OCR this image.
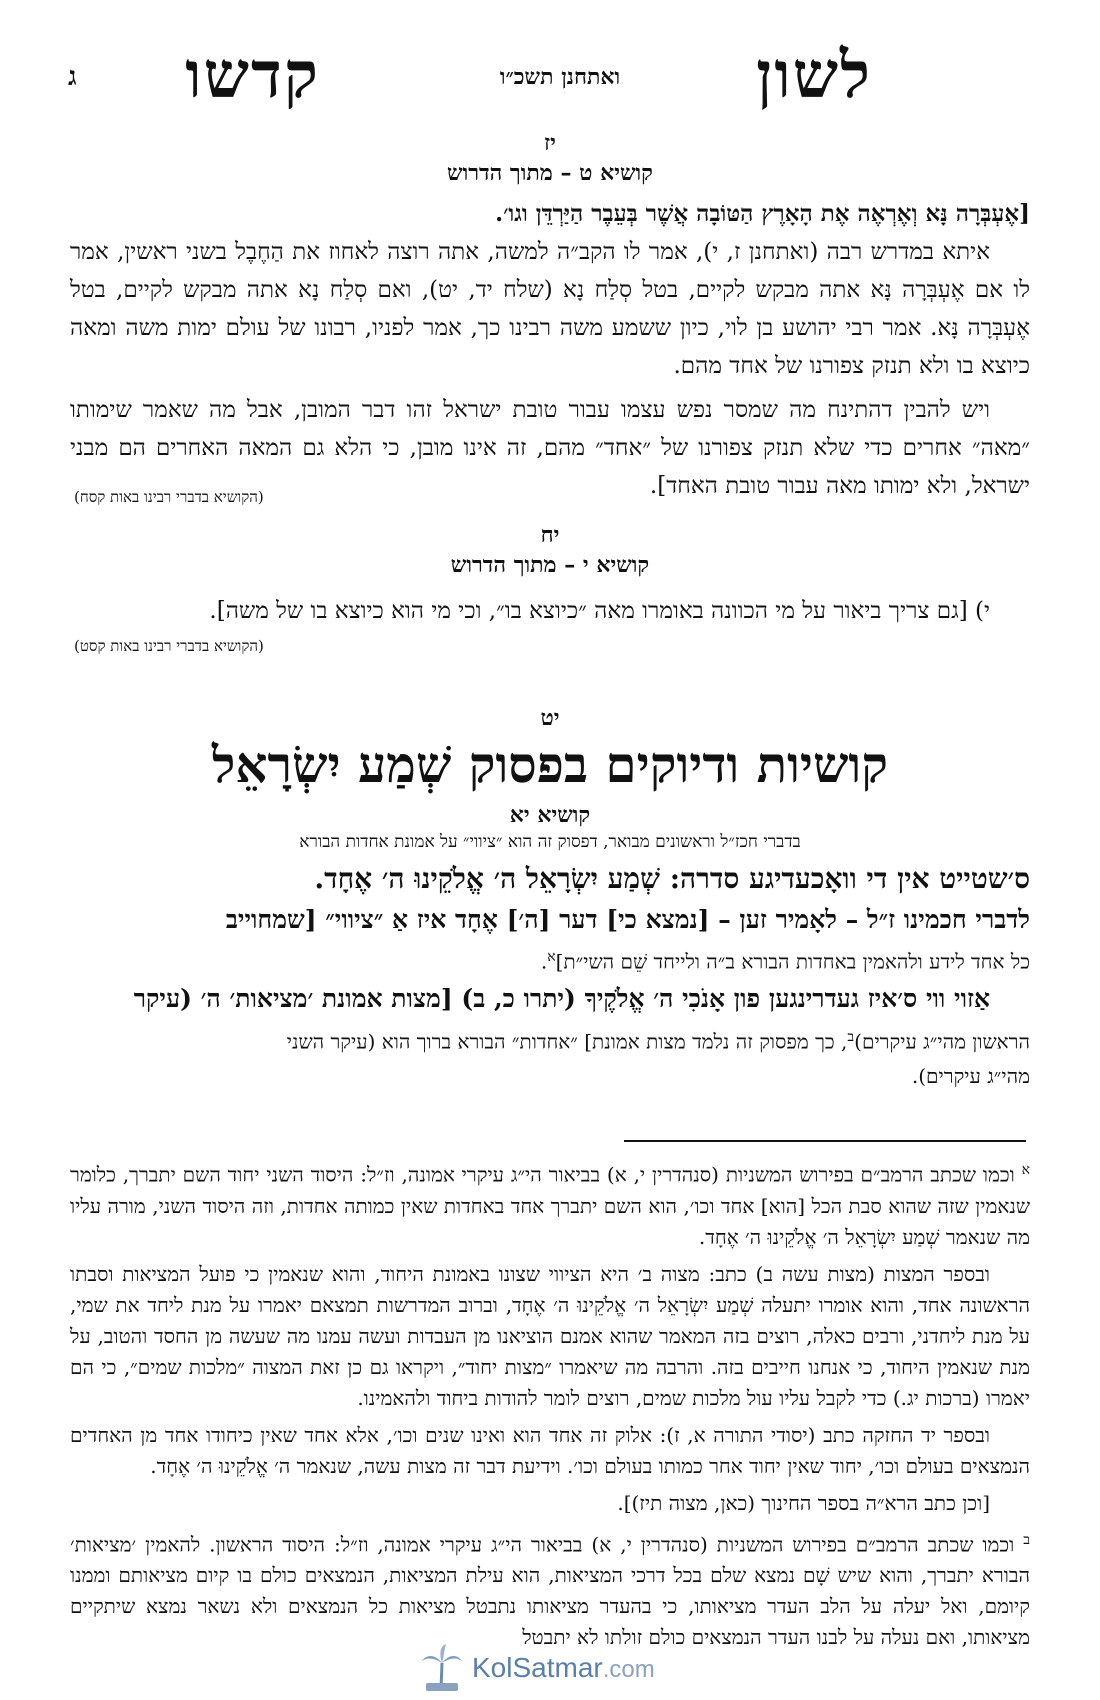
לשון
קדשו	ואתחנן תשכ״ו
ג
יז
קושיא ט – מתוך הדרוש

[אֶעְבְּרָה נָּא וְאֶרְאֶה אֶת הָאָרֶץ הַטּוֹבָה אֲשֶׁר בְּעֵבֶר הַיַּרְדֵּן וגו׳.

איתא במדרש רבה (ואתחנן ז, י), אמר לו הקב״ה למשה, אתה רוצה לאחוז את הַחֶבֶל בשני ראשין, אמר לו אם אֶעְבְּרָה נָּא אתה מבקש לקיים, בטל סְלַח נָא (שלח יד, יט), ואם סְלַח נָא אתה מבקש לקיים, בטל אֶעְבְּרָה נָּא. אמר רבי יהושע בן לוי, כיון ששמע משה רבינו כך, אמר לפניו, רבונו של עולם ימות משה ומאה כיוצא בו ולא תנזק צפורנו של אחד מהם.

ויש להבין דהתינח מה שמסר נפש עצמו עבור טובת ישראל זהו דבר המובן, אבל מה שאמר שימותו ״מאה״ אחרים כדי שלא תנזק צפורנו של ״אחד״ מהם, זה אינו מובן, כי הלא גם המאה האחרים הם מבני ישראל, ולא ימותו מאה עבור טובת האחד].

(הקושיא בדברי רבינו באות קסח)
יח
קושיא י – מתוך הדרוש

י) [גם צריך ביאור על מי הכוונה באומרו מאה ״כיוצא בו״, וכי מי הוא כיוצא בו של משה].

(הקושיא בדברי רבינו באות קסט)
יט
קושיות ודיוקים בפסוק שְׁמַע יִשְׂרָאֵל
קושיא יא
בדברי חכז״ל וראשונים מבואר, דפסוק זה הוא ״ציווי״ על אמונת אחדות הבורא

ס׳שטייט אין די וואָכעדיגע סדרה: שְׁמַע יִשְׂרָאֵל ה׳ אֱלֹקֵינוּ ה׳ אֶחָד.

לדברי חכמינו ז״ל – לאָמיר זען – [נמצא כי] דער [ה׳] אֶחָד איז אַ ״ציווי״ [שמחוייב

כל אחד לידע ולהאמין באחדות הבורא ב״ה ולייחד שֵׁם השי״ת]$^א$.

אַזוי ווי ס׳איז געדרינגען פון אָנֹכִי ה׳ אֱלֹקֶיךָ (יתרו כ, ב) [מצות אמונת ׳מציאות׳ ה׳ (עיקר

הראשון מהי״ג עיקרים)$^ב$, כך מפסוק זה נלמד מצות אמונת] ״אחדות״ הבורא ברוך הוא (עיקר השני

מהי״ג עיקרים).

$^א$ וכמו שכתב הרמב״ם בפירוש המשניות (סנהדרין י, א) בביאור הי״ג עיקרי אמונה, וז״ל: היסוד השני יחוד השם יתברך, כלומר שנאמין שזה שהוא סבת הכל [הוא] אחד וכו׳, הוא השם יתברך אחד באחדות שאין כמותה אחדות, וזה היסוד השני, מורה עליו מה שנאמר שְׁמַע יִשְׂרָאֵל ה׳ אֱלֹקֵינוּ ה׳ אֶחָד.

ובספר המצות (מצות עשה ב) כתב: מצוה ב׳ היא הציווי שצונו באמונת היחוד, והוא שנאמין כי פועל המציאות וסבתו הראשונה אחד, והוא אומרו יתעלה שְׁמַע יִשְׂרָאֵל ה׳ אֱלֹקֵינוּ ה׳ אֶחָד, וברוב המדרשות תמצאם יאמרו על מנת ליחד את שמי, על מנת ליחדני, ורבים כאלה, רוצים בזה המאמר שהוא אמנם הוציאנו מן העבדות ועשה עמנו מה שעשה מן החסד והטוב, על מנת שנאמין היחוד, כי אנחנו חייבים בזה. והרבה מה שיאמרו ״מצות יחוד״, ויקראו גם כן זאת המצוה ״מלכות שמים״, כי הם יאמרו (ברכות יג.) כדי לקבל עליו עול מלכות שמים, רוצים לומר להודות ביחוד ולהאמינו.

ובספר יד החזקה כתב (יסודי התורה א, ז): אלוק זה אחד הוא ואינו שנים וכו׳, אלא אחד שאין כיחודו אחד מן האחדים הנמצאים בעולם וכו׳, יחוד שאין יחוד אחר כמותו בעולם וכו׳. וידיעת דבר זה מצות עשה, שנאמר ה׳ אֱלֹקֵינוּ ה׳ אֶחָד.

[וכן כתב הרא״ה בספר החינוך (כאן, מצוה תיז)].

$^ב$ וכמו שכתב הרמב״ם בפירוש המשניות (סנהדרין י, א) בביאור הי״ג עיקרי אמונה, וז״ל: היסוד הראשון. להאמין ׳מציאות׳ הבורא יתברך, והוא שיש שָׁם נמצא שלם בכל דרכי המציאות, הוא עילת המציאות, הנמצאים כולם בו קיום מציאותם וממנו קיומם, ואל יעלה על הלב העדר מציאותו, כי בהעדר מציאותו נתבטל מציאות כל הנמצאים ולא נשאר נמצא שיתקיים מציאותו, ואם נעלה על לבנו העדר הנמצאים כולם זולתו לא יתבטל

KolSatmar.com
